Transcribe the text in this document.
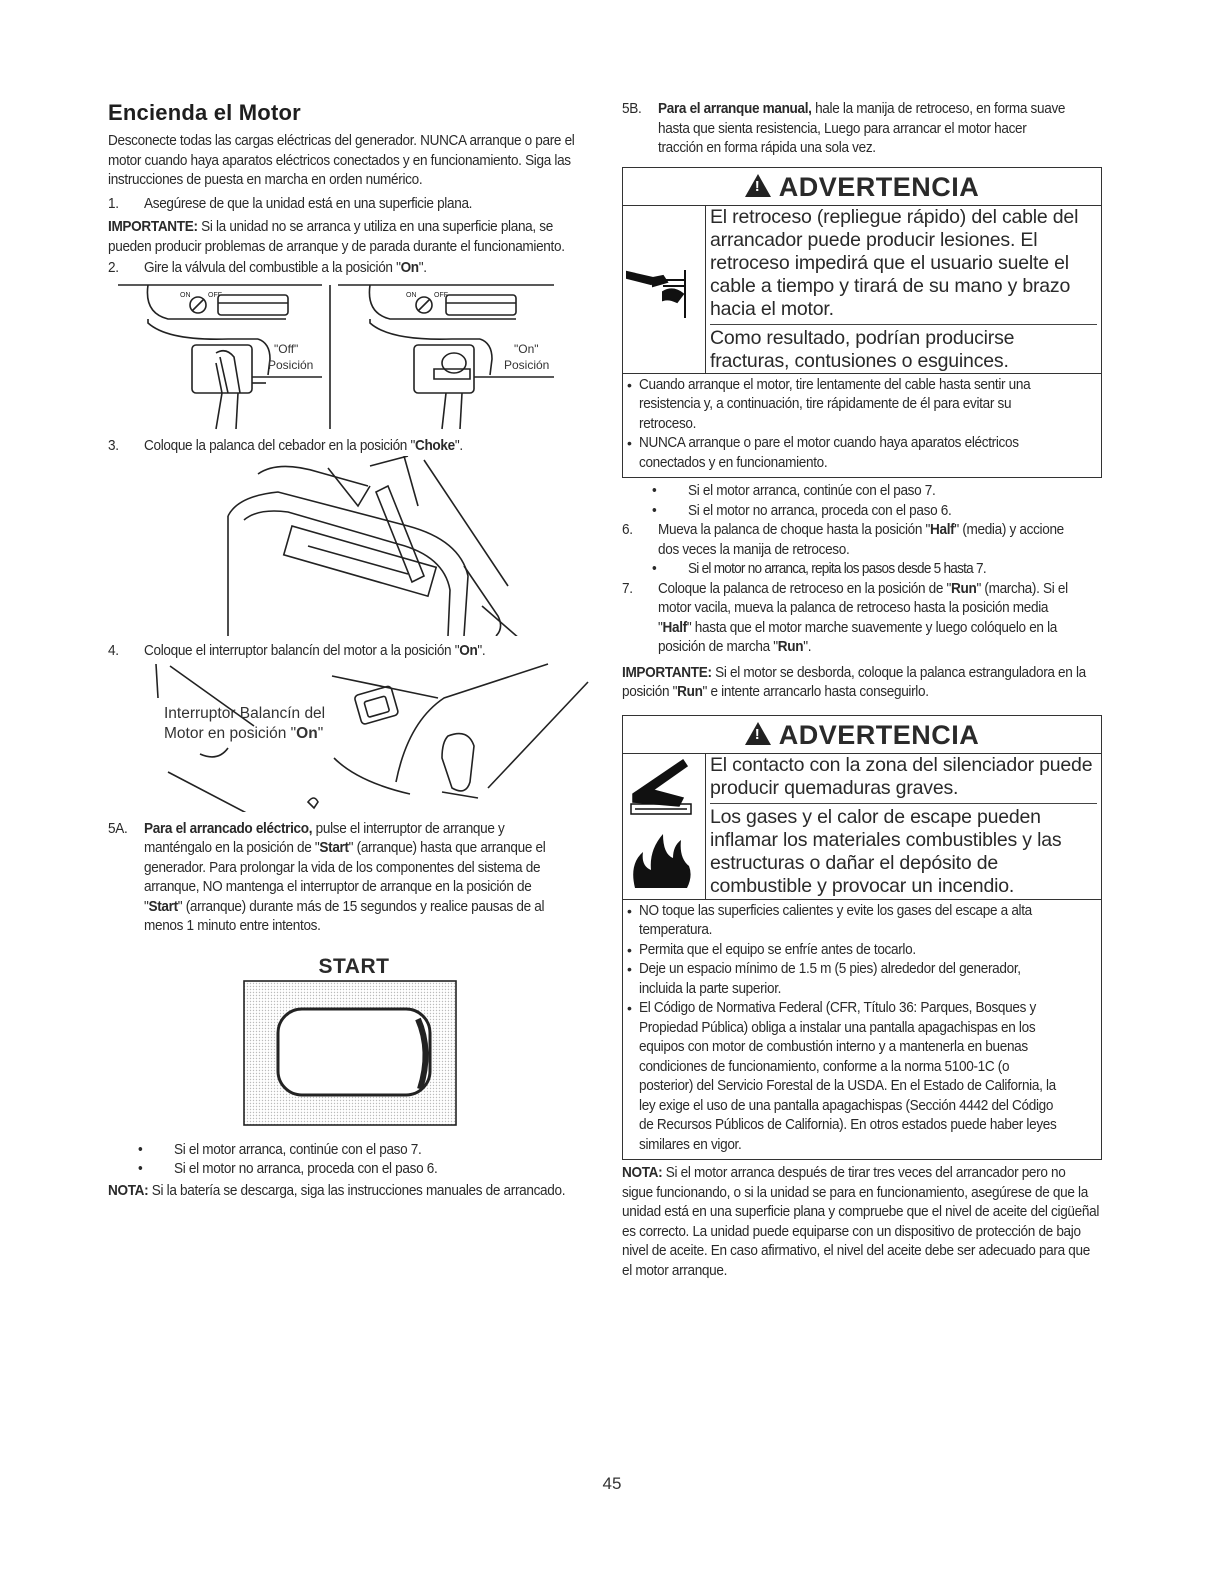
Encienda el Motor

Desconecte todas las cargas eléctricas del generador. NUNCA arranque o pare el motor cuando haya aparatos eléctricos conectados y en funcionamiento. Siga las instrucciones de puesta en marcha en orden numérico.

1.	Asegúrese de que la unidad está en una superficie plana.

IMPORTANTE: Si la unidad no se arranca y utiliza en una superficie plana, se pueden producir problemas de arranque y de parada durante el funcionamiento.

2.	Gire la válvula del combustible a la posición "On".
ON	OFF	ON	OFF
"Off"
Posición
"On"
Posición
3.	Coloque la palanca del cebador en la posición "Choke".
4.	Coloque el interruptor balancín del motor a la posición "On".
Interruptor Balancín del
Motor en posición "On"
5A.	Para el arrancado eléctrico, pulse el interruptor de arranque y manténgalo en la posición de "Start" (arranque) hasta que arranque el generador. Para prolongar la vida de los componentes del sistema de arranque, NO mantenga el interruptor de arranque en la posición de "Start" (arranque) durante más de 15 segundos y realice pausas de al menos 1 minuto entre intentos.
START
•	Si el motor arranca, continúe con el paso 7.
•	Si el motor no arranca, proceda con el paso 6.

NOTA: Si la batería se descarga, siga las instrucciones manuales de arrancado.

5B.	Para el arranque manual, hale la manija de retroceso, en forma suave hasta que sienta resistencia, Luego para arrancar el motor hacer tracción en forma rápida una sola vez.
!ADVERTENCIA

El retroceso (repliegue rápido) del cable del arrancador puede producir lesiones. El retroceso impedirá que el usuario suelte el cable a tiempo y tirará de su mano y brazo hacia el motor.

Como resultado, podrían producirse fracturas, contusiones o esguinces.

• Cuando arranque el motor, tire lentamente del cable hasta sentir una resistencia y, a continuación, tire rápidamente de él para evitar su retroceso.
• NUNCA arranque o pare el motor cuando haya aparatos eléctricos conectados y en funcionamiento.
•	Si el motor arranca, continúe con el paso 7.
•	Si el motor no arranca, proceda con el paso 6.
6.	Mueva la palanca de choque hasta la posición "Half" (media) y accione dos veces la manija de retroceso.
•	Si el motor no arranca, repita los pasos desde 5 hasta 7.
7.	Coloque la palanca de retroceso en la posición de "Run" (marcha). Si el motor vacila, mueva la palanca de retroceso hasta la posición media "Half" hasta que el motor marche suavemente y luego colóquelo en la posición de marcha "Run".

IMPORTANTE: Si el motor se desborda, coloque la palanca estranguladora en la posición "Run" e intente arrancarlo hasta conseguirlo.

!ADVERTENCIA

El contacto con la zona del silenciador puede producir quemaduras graves.

Los gases y el calor de escape pueden inflamar los materiales combustibles y las estructuras o dañar el depósito de combustible y provocar un incendio.

• NO toque las superficies calientes y evite los gases del escape a alta temperatura.
• Permita que el equipo se enfríe antes de tocarlo.
• Deje un espacio mínimo de 1.5 m (5 pies) alrededor del generador, incluida la parte superior.
• El Código de Normativa Federal (CFR, Título 36: Parques, Bosques y Propiedad Pública) obliga a instalar una pantalla apagachispas en los equipos con motor de combustión interno y a mantenerla en buenas condiciones de funcionamiento, conforme a la norma 5100-1C (o posterior) del Servicio Forestal de la USDA. En el Estado de California, la ley exige el uso de una pantalla apagachispas (Sección 4442 del Código de Recursos Públicos de California). En otros estados puede haber leyes similares en vigor.

NOTA: Si el motor arranca después de tirar tres veces del arrancador pero no sigue funcionando, o si la unidad se para en funcionamiento, asegúrese de que la unidad está en una superficie plana y compruebe que el nivel de aceite del cigüeñal es correcto. La unidad puede equiparse con un dispositivo de protección de bajo nivel de aceite. En caso afirmativo, el nivel del aceite debe ser adecuado para que el motor arranque.

45
